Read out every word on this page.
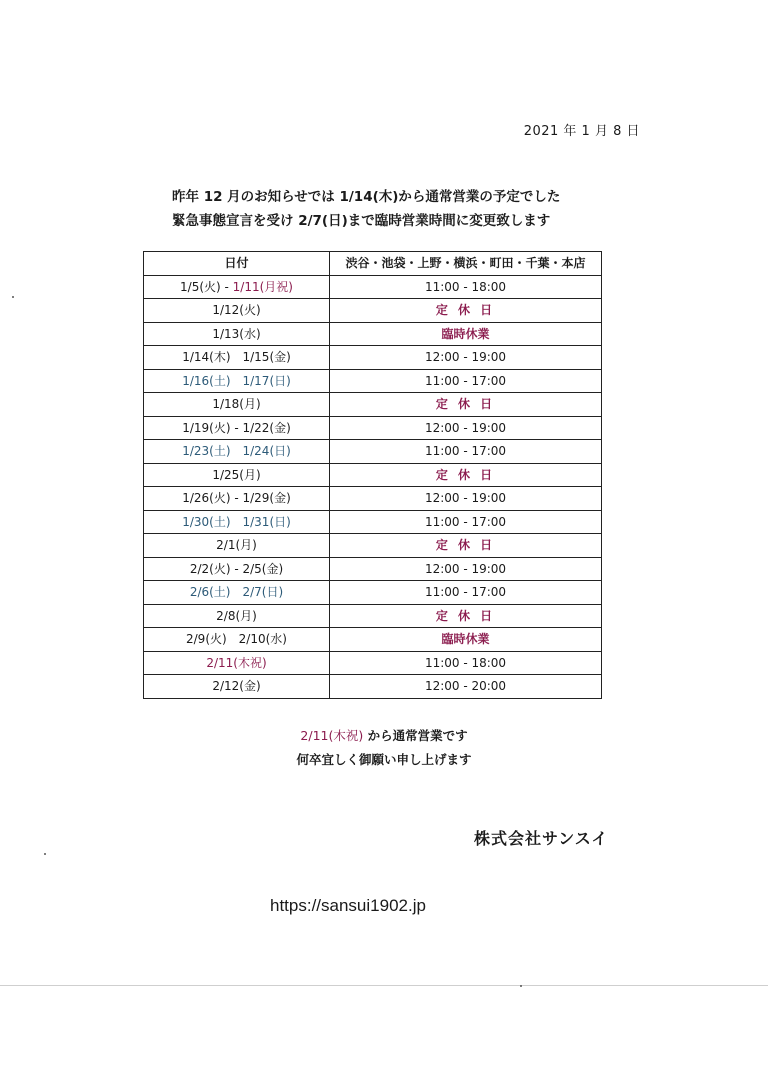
2021 年 1 月 8 日
昨年 12 月のお知らせでは 1/14(木)から通常営業の予定でした
緊急事態宣言を受け 2/7(日)まで臨時営業時間に変更致します
日付	渋谷・池袋・上野・横浜・町田・千葉・本店
1/5(火) - 1/11(月祝)	11:00 - 18:00
1/12(火)	定 休 日
1/13(水)	臨時休業
1/14(木)　1/15(金)	12:00 - 19:00
1/16(土)　1/17(日)	11:00 - 17:00
1/18(月)	定 休 日
1/19(火) - 1/22(金)	12:00 - 19:00
1/23(土)　1/24(日)	11:00 - 17:00
1/25(月)	定 休 日
1/26(火) - 1/29(金)	12:00 - 19:00
1/30(土)　1/31(日)	11:00 - 17:00
2/1(月)	定 休 日
2/2(火) - 2/5(金)	12:00 - 19:00
2/6(土)　2/7(日)	11:00 - 17:00
2/8(月)	定 休 日
2/9(火)　2/10(水)	臨時休業
2/11(木祝)	11:00 - 18:00
2/12(金)	12:00 - 20:00
2/11(木祝) から通常営業です
何卒宜しく御願い申し上げます
株式会社サンスイ
https://sansui1902.jp
